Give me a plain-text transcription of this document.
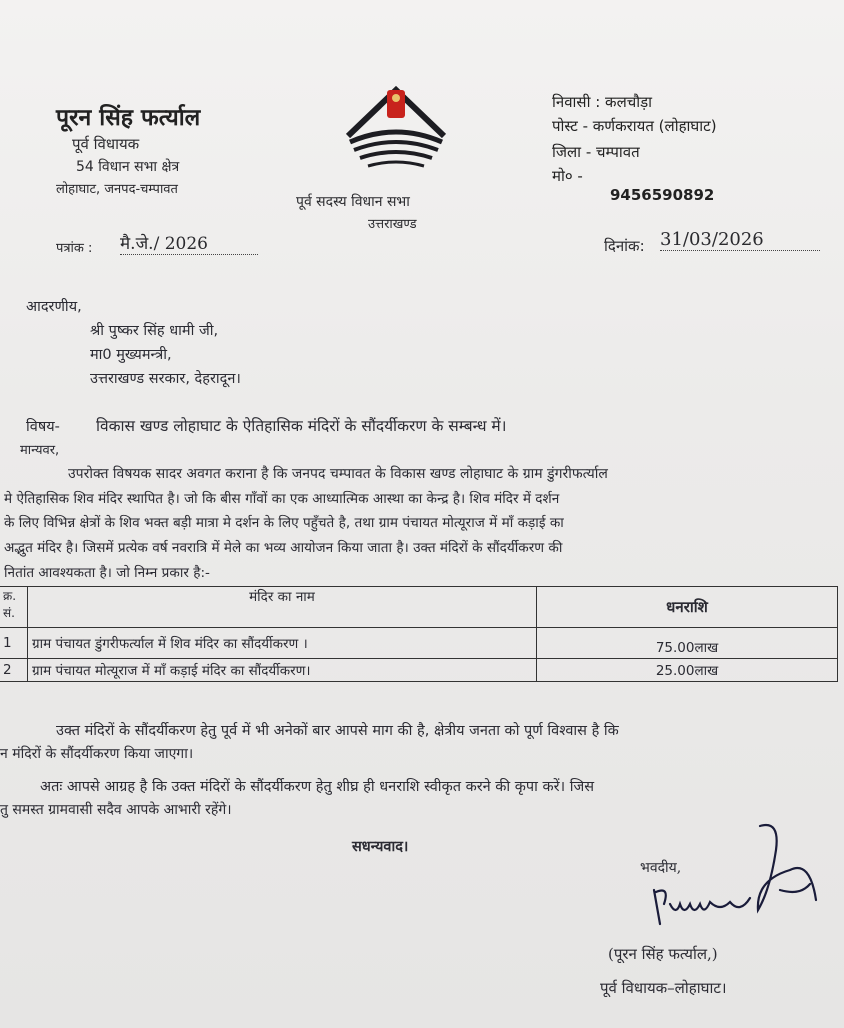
पूरन सिंह फर्त्याल
पूर्व विधायक
54 विधान सभा क्षेत्र
लोहाघाट, जनपद-चम्पावत
पूर्व सदस्य विधान सभा
उत्तराखण्ड
निवासी : कलचौड़ा
पोस्ट - कर्णकरायत (लोहाघाट)
जिला - चम्पावत
मो० -
9456590892
पत्रांक : मै.जे./ 2026	दिनांक: 31/03/2026
आदरणीय,
श्री पुष्कर सिंह धामी जी,
मा0 मुख्यमन्त्री,
उत्तराखण्ड सरकार, देहरादून।
विषय- विकास खण्ड लोहाघाट के ऐतिहासिक मंदिरों के सौंदर्यीकरण के सम्बन्ध में।
मान्यवर,
उपरोक्त विषयक सादर अवगत कराना है कि जनपद चम्पावत के विकास खण्ड लोहाघाट के ग्राम डुंगरीफर्त्याल
मे ऐतिहासिक शिव मंदिर स्थापित है। जो कि बीस गाँवों का एक आध्यात्मिक आस्था का केन्द्र है। शिव मंदिर में दर्शन
के लिए विभिन्न क्षेत्रों के शिव भक्त बड़ी मात्रा मे दर्शन के लिए पहुँचते है, तथा ग्राम पंचायत मोत्यूराज में माँ कड़ाई का
अद्भुत मंदिर है। जिसमें प्रत्येक वर्ष नवरात्रि में मेले का भव्य आयोजन किया जाता है। उक्त मंदिरों के सौंदर्यीकरण की
नितांत आवश्यकता है। जो निम्न प्रकार है:-
क्र. सं.	मंदिर का नाम	धनराशि
1	ग्राम पंचायत डुंगरीफर्त्याल में शिव मंदिर का सौंदर्यीकरण ।	75.00लाख
2	ग्राम पंचायत मोत्यूराज में माँ कड़ाई मंदिर का सौंदर्यीकरण।	25.00लाख
उक्त मंदिरों के सौंदर्यीकरण हेतु पूर्व में भी अनेकों बार आपसे माग की है, क्षेत्रीय जनता को पूर्ण विश्वास है कि
न मंदिरों के सौंदर्यीकरण किया जाएगा।
अतः आपसे आग्रह है कि उक्त मंदिरों के सौंदर्यीकरण हेतु शीघ्र ही धनराशि स्वीकृत करने की कृपा करें। जिस
तु समस्त ग्रामवासी सदैव आपके आभारी रहेंगे।
सधन्यवाद।
भवदीय,
(पूरन सिंह फर्त्याल,)
पूर्व विधायक–लोहाघाट।
